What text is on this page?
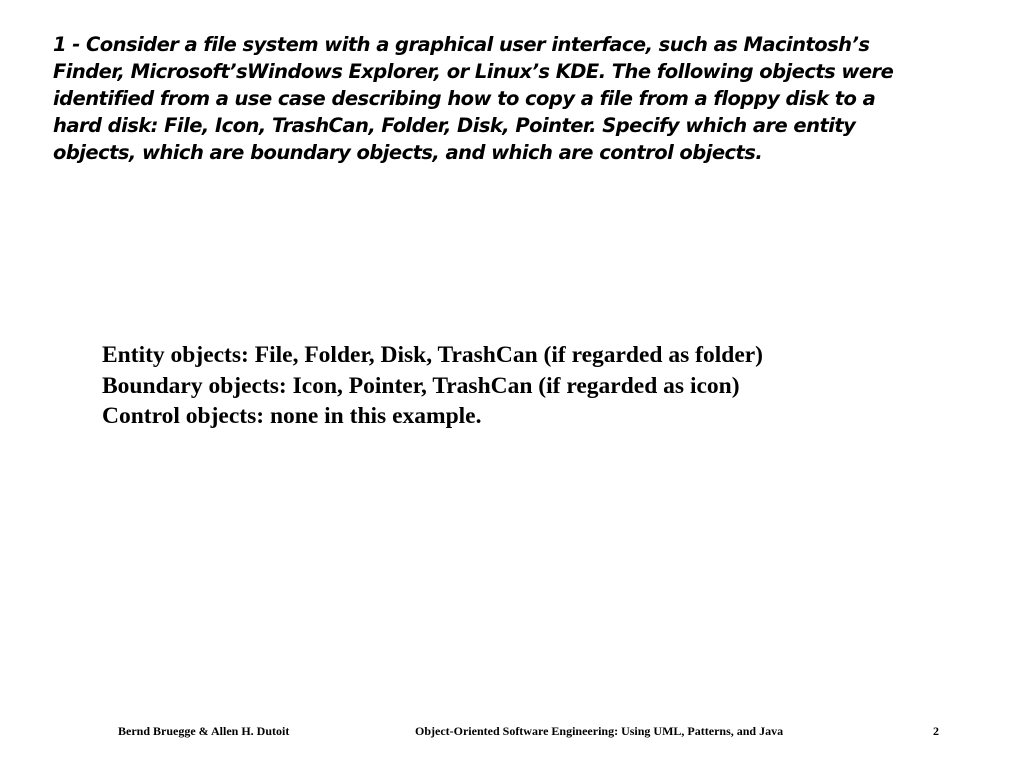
1 - Consider a file system with a graphical user interface, such as Macintosh’s
Finder, Microsoft’sWindows Explorer, or Linux’s KDE. The following objects were
identified from a use case describing how to copy a file from a floppy disk to a
hard disk: File, Icon, TrashCan, Folder, Disk, Pointer. Specify which are entity
objects, which are boundary objects, and which are control objects.
Entity objects: File, Folder, Disk, TrashCan (if regarded as folder)
Boundary objects: Icon, Pointer, TrashCan (if regarded as icon)
Control objects: none in this example.
Bernd Bruegge & Allen H. Dutoit	Object-Oriented Software Engineering: Using UML, Patterns, and Java	2
